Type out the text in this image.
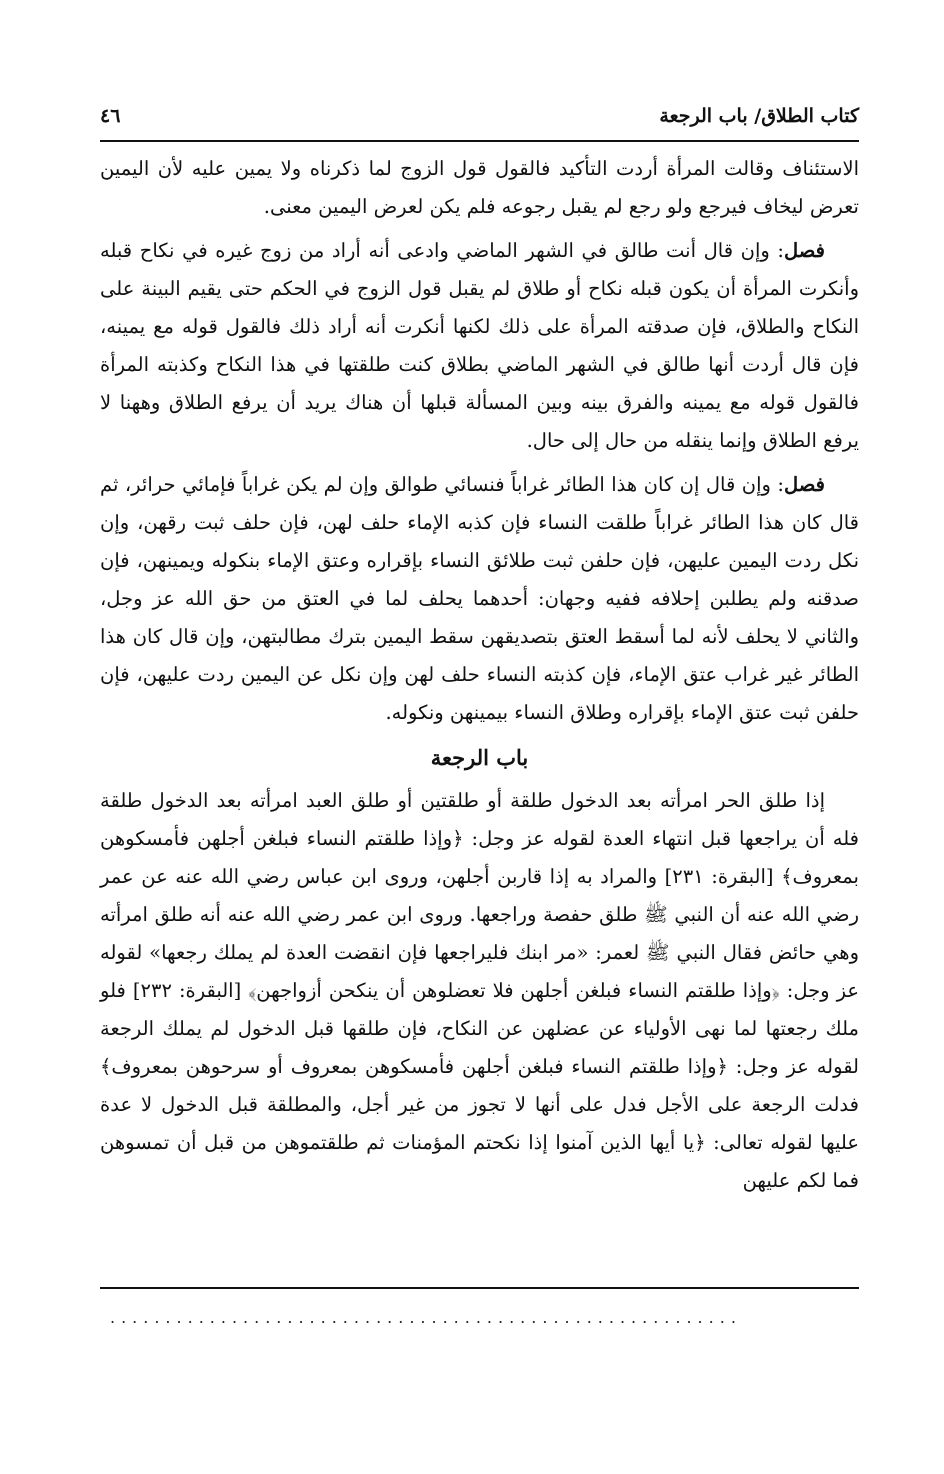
كتاب الطلاق/ باب الرجعة
٤٦

الاستئناف وقالت المرأة أردت التأكيد فالقول قول الزوج لما ذكرناه ولا يمين عليه لأن اليمين تعرض ليخاف فيرجع ولو رجع لم يقبل رجوعه فلم يكن لعرض اليمين معنى.

فصل: وإن قال أنت طالق في الشهر الماضي وادعى أنه أراد من زوج غيره في نكاح قبله وأنكرت المرأة أن يكون قبله نكاح أو طلاق لم يقبل قول الزوج في الحكم حتى يقيم البينة على النكاح والطلاق، فإن صدقته المرأة على ذلك لكنها أنكرت أنه أراد ذلك فالقول قوله مع يمينه، فإن قال أردت أنها طالق في الشهر الماضي بطلاق كنت طلقتها في هذا النكاح وكذبته المرأة فالقول قوله مع يمينه والفرق بينه وبين المسألة قبلها أن هناك يريد أن يرفع الطلاق وههنا لا يرفع الطلاق وإنما ينقله من حال إلى حال.

فصل: وإن قال إن كان هذا الطائر غراباً فنسائي طوالق وإن لم يكن غراباً فإمائي حرائر، ثم قال كان هذا الطائر غراباً طلقت النساء فإن كذبه الإماء حلف لهن، فإن حلف ثبت رقهن، وإن نكل ردت اليمين عليهن، فإن حلفن ثبت طلائق النساء بإقراره وعتق الإماء بنكوله ويمينهن، فإن صدقنه ولم يطلبن إحلافه ففيه وجهان: أحدهما يحلف لما في العتق من حق الله عز وجل، والثاني لا يحلف لأنه لما أسقط العتق بتصديقهن سقط اليمين بترك مطالبتهن، وإن قال كان هذا الطائر غير غراب عتق الإماء، فإن كذبته النساء حلف لهن وإن نكل عن اليمين ردت عليهن، فإن حلفن ثبت عتق الإماء بإقراره وطلاق النساء بيمينهن ونكوله.

باب الرجعة

إذا طلق الحر امرأته بعد الدخول طلقة أو طلقتين أو طلق العبد امرأته بعد الدخول طلقة فله أن يراجعها قبل انتهاء العدة لقوله عز وجل: ﴿وإذا طلقتم النساء فبلغن أجلهن فأمسكوهن بمعروف﴾ [البقرة: ٢٣١] والمراد به إذا قاربن أجلهن، وروى ابن عباس رضي الله عنه عن عمر رضي الله عنه أن النبي ﷺ طلق حفصة وراجعها. وروى ابن عمر رضي الله عنه أنه طلق امرأته وهي حائض فقال النبي ﷺ لعمر: «مر ابنك فليراجعها فإن انقضت العدة لم يملك رجعها» لقوله عز وجل: ﴿وإذا طلقتم النساء فبلغن أجلهن فلا تعضلوهن أن ينكحن أزواجهن﴾ [البقرة: ٢٣٢] فلو ملك رجعتها لما نهى الأولياء عن عضلهن عن النكاح، فإن طلقها قبل الدخول لم يملك الرجعة لقوله عز وجل: ﴿وإذا طلقتم النساء فبلغن أجلهن فأمسكوهن بمعروف أو سرحوهن بمعروف﴾ فدلت الرجعة على الأجل فدل على أنها لا تجوز من غير أجل، والمطلقة قبل الدخول لا عدة عليها لقوله تعالى: ﴿يا أيها الذين آمنوا إذا نكحتم المؤمنات ثم طلقتموهن من قبل أن تمسوهن فما لكم عليهن

.........................................................
